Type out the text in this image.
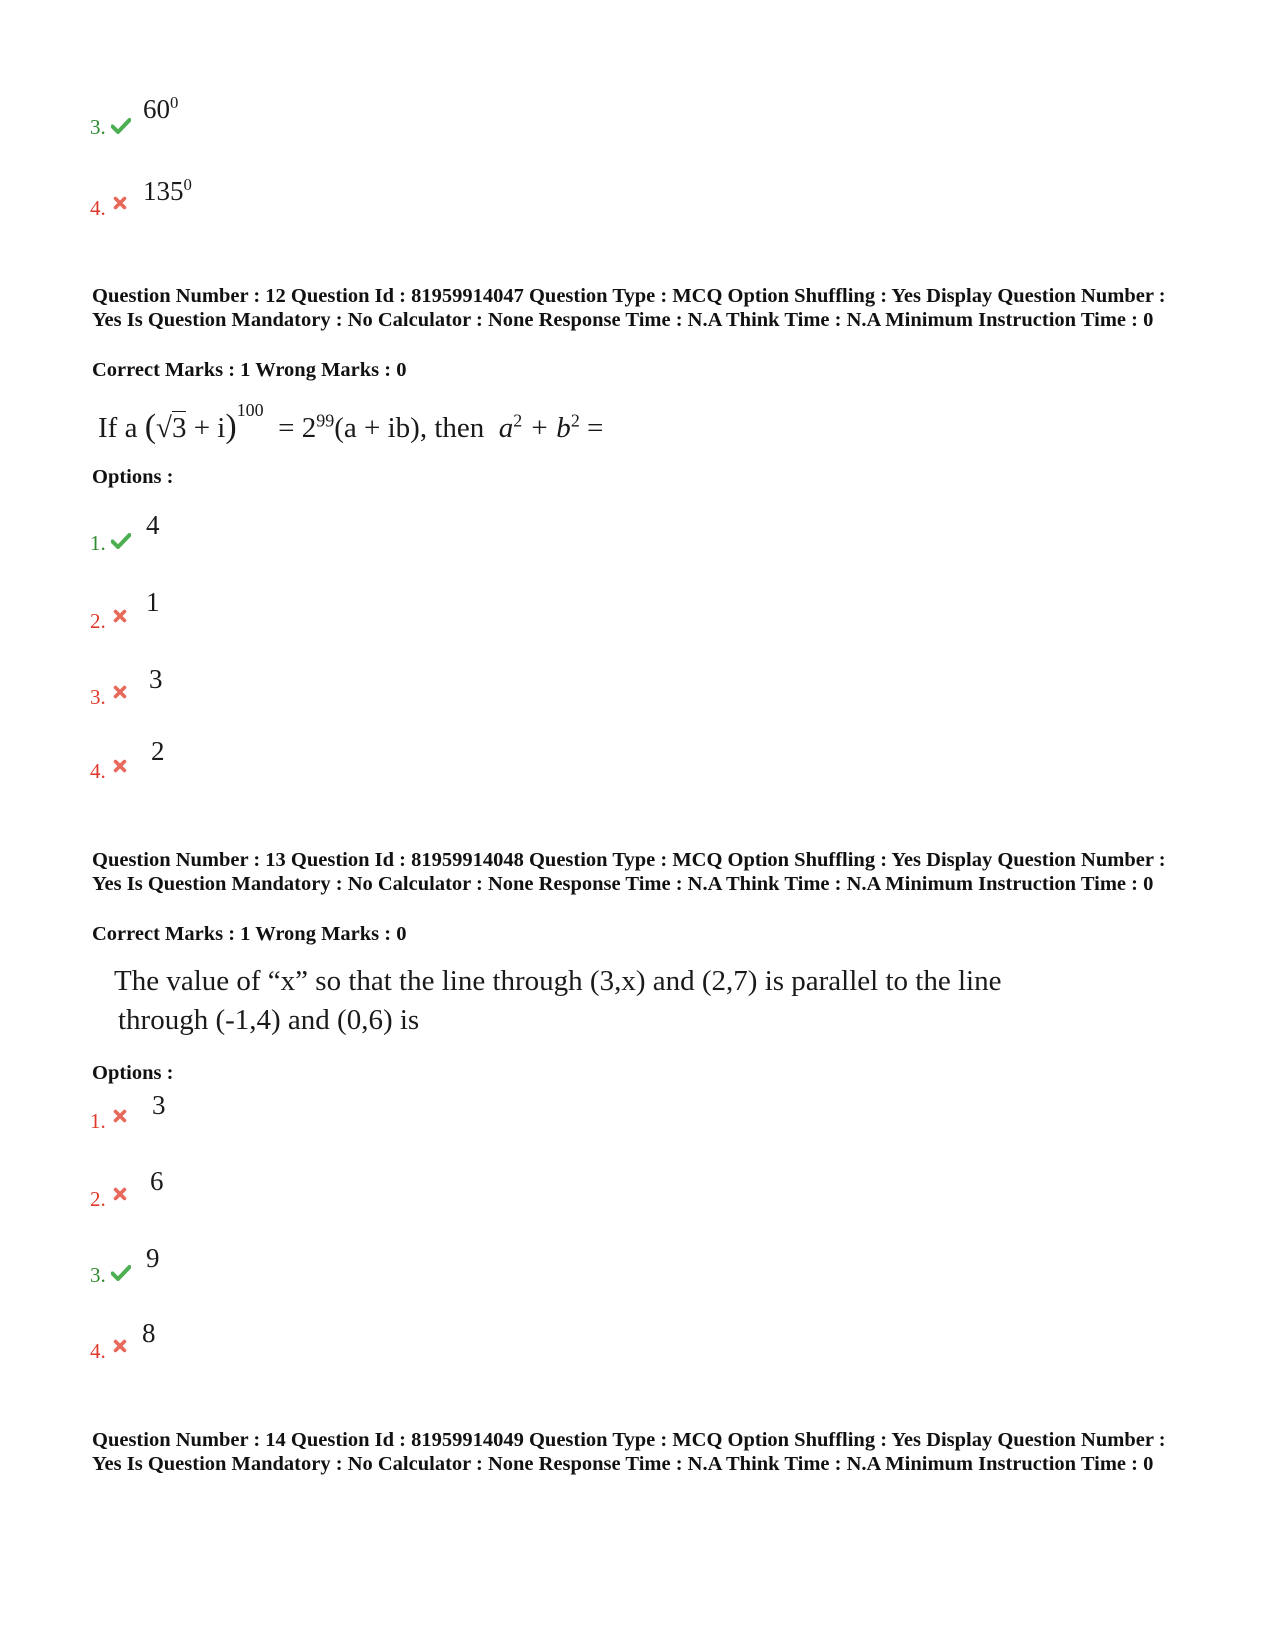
3.
$60^0$
4.
$135^0$
Question Number : 12 Question Id : 81959914047 Question Type : MCQ Option Shuffling : Yes Display Question Number : Yes Is Question Mandatory : No Calculator : None Response Time : N.A Think Time : N.A Minimum Instruction Time : 0
Correct Marks : 1 Wrong Marks : 0
If a $(√3 + i)^{100} = 2^{99}(a + ib)$, then $a^2 + b^2$ =
Options :
1.
4
2.
1
3.
3
4.
2
Question Number : 13 Question Id : 81959914048 Question Type : MCQ Option Shuffling : Yes Display Question Number : Yes Is Question Mandatory : No Calculator : None Response Time : N.A Think Time : N.A Minimum Instruction Time : 0
Correct Marks : 1 Wrong Marks : 0
The value of “x” so that the line through (3,x) and (2,7) is parallel to the line
through (-1,4) and (0,6) is
Options :
1.
3
2.
6
3.
9
4.
8
Question Number : 14 Question Id : 81959914049 Question Type : MCQ Option Shuffling : Yes Display Question Number : Yes Is Question Mandatory : No Calculator : None Response Time : N.A Think Time : N.A Minimum Instruction Time : 0
